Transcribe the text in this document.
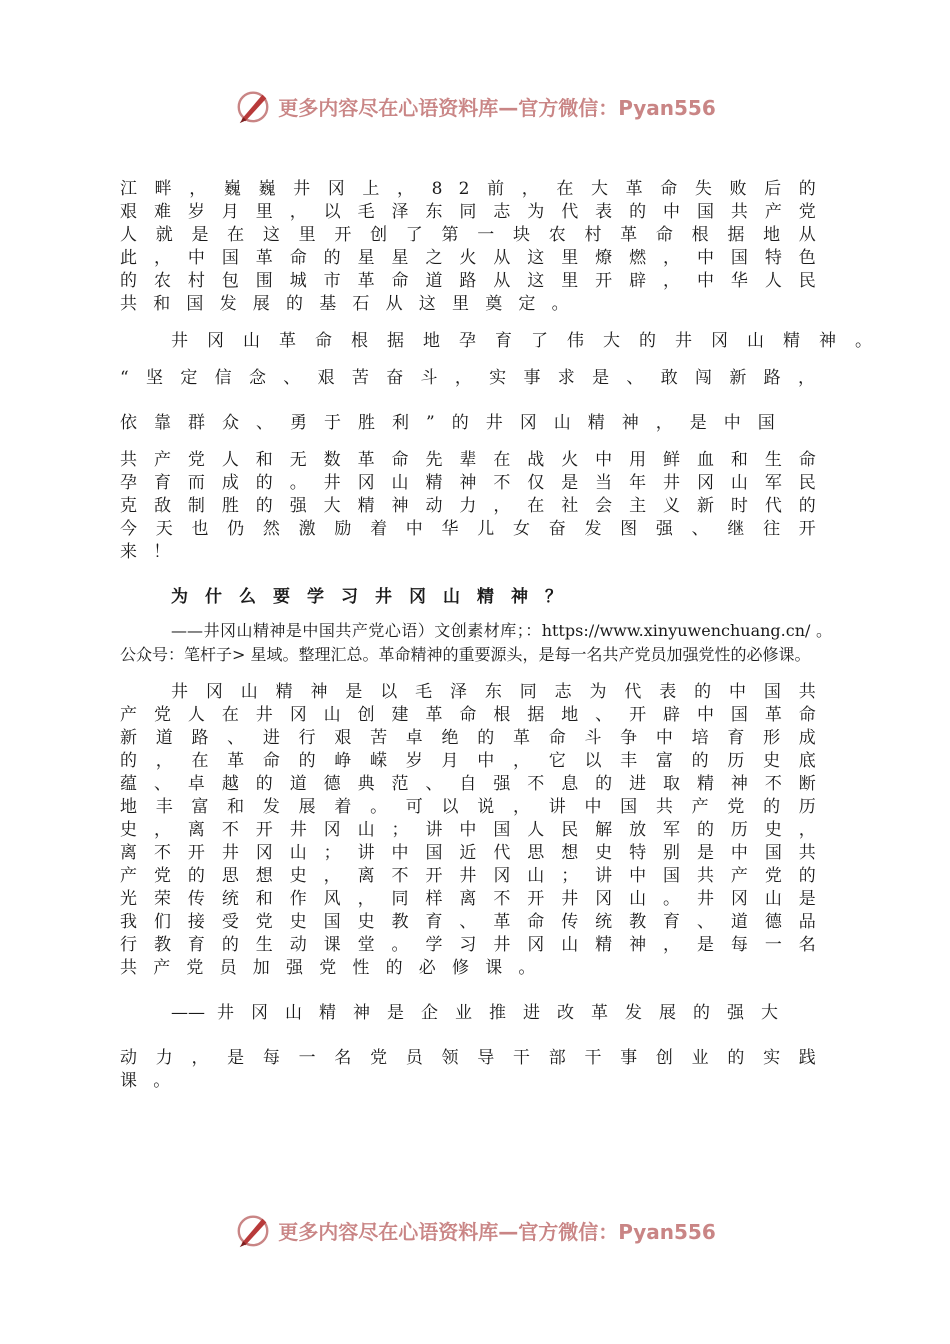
更多内容尽在心语资料库—官方微信：Pyan556
江畔，巍巍井冈上，82前，在大革命失败后的艰难岁月里，以毛泽东同志为代表的中国共产党人就是在这里开创了第一块农村革命根据地从此，中国革命的星星之火从这里燎燃，中国特色的农村包围城市革命道路从这里开辟，中华人民共和国发展的基石从这里奠定。
井冈山革命根据地孕育了伟大的井冈山精神。
“坚定信念、艰苦奋斗，实事求是、敢闯新路，
依靠群众、勇于胜利”的井冈山精神，是中国
共产党人和无数革命先辈在战火中用鲜血和生命孕育而成的。井冈山精神不仅是当年井冈山军民克敌制胜的强大精神动力，在社会主义新时代的今天也仍然激励着中华儿女奋发图强、继往开来！
为什么要学习井冈山精神？
——井冈山精神是中国共产党心语）文创素材库；：https://www.xinyuwenchuang.cn/ 。公众号：笔杆子> 星域。整理汇总。革命精神的重要源头，是每一名共产党员加强党性的必修课。
井冈山精神是以毛泽东同志为代表的中国共产党人在井冈山创建革命根据地、开辟中国革命新道路、进行艰苦卓绝的革命斗争中培育形成的，在革命的峥嵘岁月中，它以丰富的历史底蕴、卓越的道德典范、自强不息的进取精神不断地丰富和发展着。可以说，讲中国共产党的历史，离不开井冈山；讲中国人民解放军的历史，离不开井冈山；讲中国近代思想史特别是中国共产党的思想史，离不开井冈山；讲中国共产党的光荣传统和作风，同样离不开井冈山。井冈山是我们接受党史国史教育、革命传统教育、道德品行教育的生动课堂。学习井冈山精神，是每一名共产党员加强党性的必修课。
—— 井冈山精神是企业推进改革发展的强大
动力，是每一名党员领导干部干事创业的实践课。
更多内容尽在心语资料库—官方微信：Pyan556
